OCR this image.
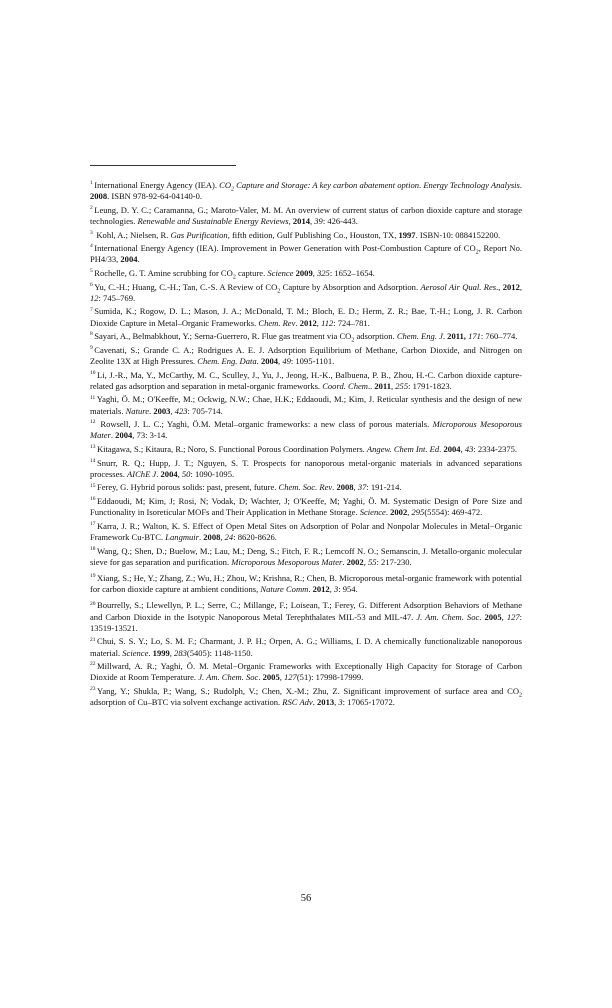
$^1$ International Energy Agency (IEA). $CO_2$ Capture and Storage: A key carbon abatement option. Energy Technology Analysis. 2008. ISBN 978-92-64-04140-0.

$^2$ Leung, D. Y. C.; Caramanna, G.; Maroto-Valer, M. M. An overview of current status of carbon dioxide capture and storage technologies. Renewable and Sustainable Energy Reviews, 2014, 39: 426-443.

$^3$ Kohl, A.; Nielsen, R. Gas Purification, fifth edition, Gulf Publishing Co., Houston, TX, 1997. ISBN-10: 0884152200.

$^4$ International Energy Agency (IEA). Improvement in Power Generation with Post-Combustion Capture of $CO_2$, Report No. PH4/33, 2004.

$^5$ Rochelle, G. T. Amine scrubbing for $CO_2$ capture. Science 2009, 325: 1652–1654.

$^6$ Yu, C.-H.; Huang, C.-H.; Tan, C.-S. A Review of $CO_2$ Capture by Absorption and Adsorption. Aerosol Air Qual. Res., 2012, 12: 745–769.

$^7$ Sumida, K.; Rogow, D. L.; Mason, J. A.; McDonald, T. M.; Bloch, E. D.; Herm, Z. R.; Bae, T.-H.; Long, J. R. Carbon Dioxide Capture in Metal–Organic Frameworks. Chem. Rev. 2012, 112: 724–781.

$^8$ Sayari, A., Belmabkhout, Y.; Serna-Guerrero, R. Flue gas treatment via $CO_2$ adsorption. Chem. Eng. J. 2011, 171: 760–774.

$^9$ Cavenati, S.; Grande C. A.; Rodrigues A. E. J. Adsorption Equilibrium of Methane, Carbon Dioxide, and Nitrogen on Zeolite 13X at High Pressures. Chem. Eng. Data. 2004, 49: 1095-1101.

$^{10}$ Li, J.-R., Ma, Y., McCarthy, M. C., Sculley, J., Yu, J., Jeong, H.-K., Balbuena, P. B., Zhou, H.-C. Carbon dioxide capture-related gas adsorption and separation in metal-organic frameworks. Coord. Chem.. 2011, 255: 1791-1823.

$^{11}$ Yaghi, Ö. M.; O'Keeffe, M.; Ockwig, N.W.; Chae, H.K.; Eddaoudi, M.; Kim, J. Reticular synthesis and the design of new materials. Nature. 2003, 423: 705-714.

$^{12}$ Rowsell, J. L. C.; Yaghi, Ö.M. Metal–organic frameworks: a new class of porous materials. Microporous Mesoporous Mater. 2004, 73: 3-14.

$^{13}$ Kitagawa, S.; Kitaura, R.; Noro, S. Functional Porous Coordination Polymers. Angew. Chem Int. Ed. 2004, 43: 2334-2375.

$^{14}$ Snurr, R. Q.; Hupp, J. T.; Nguyen, S. T. Prospects for nanoporous metal-organic materials in advanced separations processes. AIChE J. 2004, 50: 1090-1095.

$^{15}$ Ferey, G. Hybrid porous solids: past, present, future. Chem. Soc. Rev. 2008, 37: 191-214.

$^{16}$ Eddaoudi, M; Kim, J; Rosi, N; Vodak, D; Wachter, J; O'Keeffe, M; Yaghi, Ö. M. Systematic Design of Pore Size and Functionality in Isoreticular MOFs and Their Application in Methane Storage. Science. 2002, 295(5554): 469-472.

$^{17}$ Karra, J. R.; Walton, K. S. Effect of Open Metal Sites on Adsorption of Polar and Nonpolar Molecules in Metal−Organic Framework Cu-BTC. Langmuir. 2008, 24: 8620-8626.

$^{18}$ Wang, Q.; Shen, D.; Buelow, M.; Lau, M.; Deng, S.; Fitch, F. R.; Lemcoff N. O.; Semanscin, J. Metallo-organic molecular sieve for gas separation and purification. Microporous Mesoporous Mater. 2002, 55: 217-230.

$^{19}$ Xiang, S.; He, Y.; Zhang, Z.; Wu, H.; Zhou, W.; Krishna, R.; Chen, B. Microporous metal-organic framework with potential for carbon dioxide capture at ambient conditions, Nature Comm. 2012, 3: 954.

$^{20}$ Bourrelly, S.; Llewellyn, P. L.; Serre, C.; Millange, F.; Loisean, T.; Ferey, G. Different Adsorption Behaviors of Methane and Carbon Dioxide in the Isotypic Nanoporous Metal Terephthalates MIL-53 and MIL-47. J. Am. Chem. Soc. 2005, 127: 13519-13521.

$^{21}$ Chui, S. S. Y.; Lo, S. M. F.; Charmant, J. P. H.; Orpen, A. G.; Williams, I. D. A chemically functionalizable nanoporous material. Science. 1999, 283(5405): 1148-1150.

$^{22}$ Millward, A. R.; Yaghi, Ö. M. Metal−Organic Frameworks with Exceptionally High Capacity for Storage of Carbon Dioxide at Room Temperature. J. Am. Chem. Soc. 2005, 127(51): 17998-17999.

$^{23}$ Yang, Y.; Shukla, P.; Wang, S.; Rudolph, V.; Chen, X.-M.; Zhu, Z. Significant improvement of surface area and $CO_2$ adsorption of Cu–BTC via solvent exchange activation. RSC Adv. 2013, 3: 17065-17072.

56
